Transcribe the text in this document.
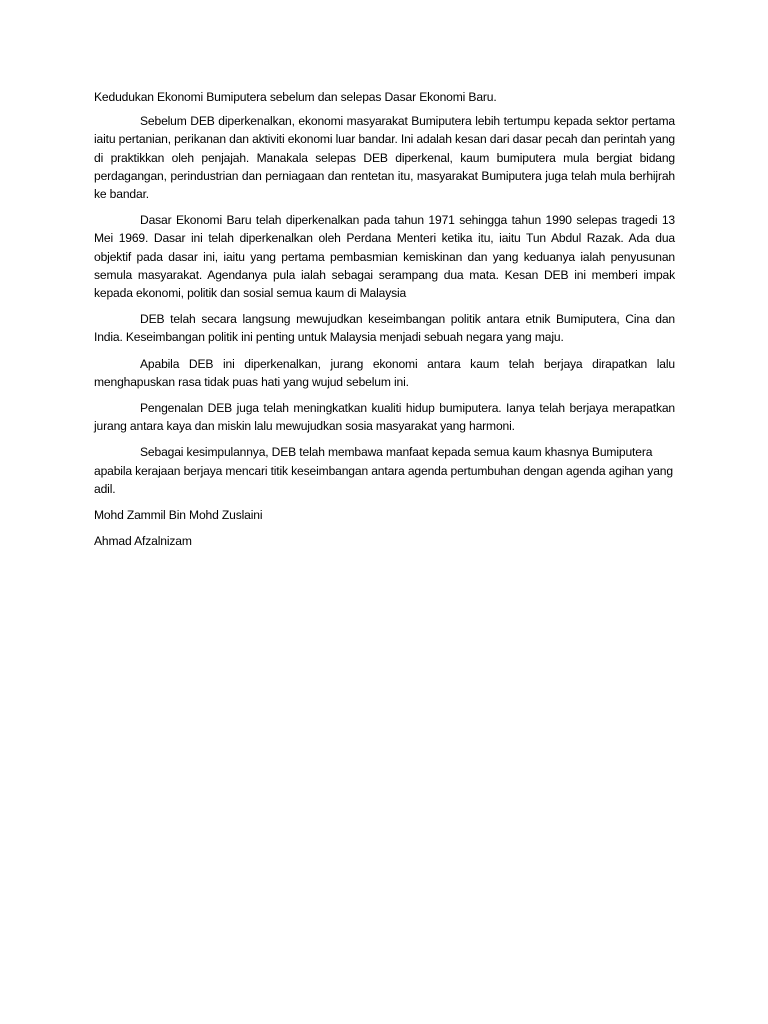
Kedudukan Ekonomi Bumiputera sebelum dan selepas Dasar Ekonomi Baru.

Sebelum DEB diperkenalkan, ekonomi masyarakat Bumiputera lebih tertumpu kepada sektor pertama iaitu pertanian, perikanan dan aktiviti ekonomi luar bandar. Ini adalah kesan dari dasar pecah dan perintah yang di praktikkan oleh penjajah. Manakala selepas DEB diperkenal, kaum bumiputera mula bergiat bidang perdagangan, perindustrian dan perniagaan dan rentetan itu, masyarakat Bumiputera juga telah mula berhijrah ke bandar.

Dasar Ekonomi Baru telah diperkenalkan pada tahun 1971 sehingga tahun 1990 selepas tragedi 13 Mei 1969. Dasar ini telah diperkenalkan oleh Perdana Menteri ketika itu, iaitu Tun Abdul Razak. Ada dua objektif pada dasar ini, iaitu yang pertama pembasmian kemiskinan dan yang keduanya ialah penyusunan semula masyarakat. Agendanya pula ialah sebagai serampang dua mata. Kesan DEB ini memberi impak kepada ekonomi, politik dan sosial semua kaum di Malaysia

DEB telah secara langsung mewujudkan keseimbangan politik antara etnik Bumiputera, Cina dan India. Keseimbangan politik ini penting untuk Malaysia menjadi sebuah negara yang maju.

Apabila DEB ini diperkenalkan, jurang ekonomi antara kaum telah berjaya dirapatkan lalu menghapuskan rasa tidak puas hati yang wujud sebelum ini.

Pengenalan DEB juga telah meningkatkan kualiti hidup bumiputera. Ianya telah berjaya merapatkan jurang antara kaya dan miskin lalu mewujudkan sosia masyarakat yang harmoni.

Sebagai kesimpulannya, DEB telah membawa manfaat kepada semua kaum khasnya Bumiputera apabila kerajaan berjaya mencari titik keseimbangan antara agenda pertumbuhan dengan agenda agihan yang adil.

Mohd Zammil Bin Mohd Zuslaini

Ahmad Afzalnizam
